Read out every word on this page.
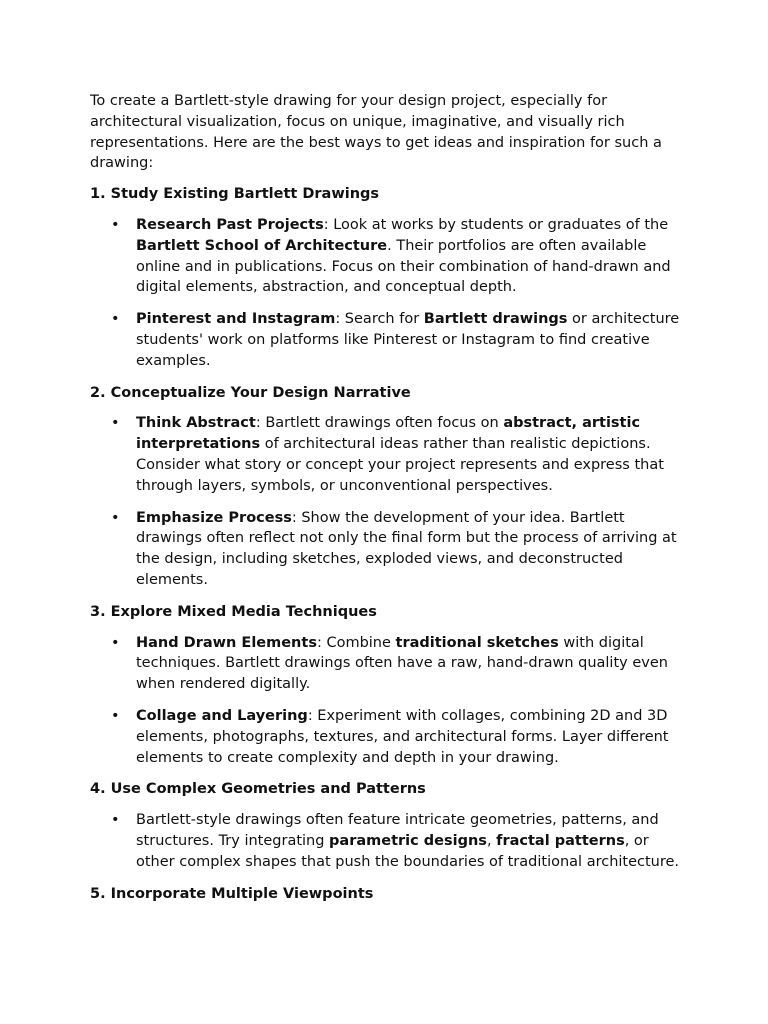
To create a Bartlett-style drawing for your design project, especially for architectural visualization, focus on unique, imaginative, and visually rich representations. Here are the best ways to get ideas and inspiration for such a drawing:

1. Study Existing Bartlett Drawings

• Research Past Projects: Look at works by students or graduates of the Bartlett School of Architecture. Their portfolios are often available online and in publications. Focus on their combination of hand-drawn and digital elements, abstraction, and conceptual depth.
• Pinterest and Instagram: Search for Bartlett drawings or architecture students' work on platforms like Pinterest or Instagram to find creative examples.

2. Conceptualize Your Design Narrative

• Think Abstract: Bartlett drawings often focus on abstract, artistic interpretations of architectural ideas rather than realistic depictions. Consider what story or concept your project represents and express that through layers, symbols, or unconventional perspectives.
• Emphasize Process: Show the development of your idea. Bartlett drawings often reflect not only the final form but the process of arriving at the design, including sketches, exploded views, and deconstructed elements.

3. Explore Mixed Media Techniques

• Hand Drawn Elements: Combine traditional sketches with digital techniques. Bartlett drawings often have a raw, hand-drawn quality even when rendered digitally.
• Collage and Layering: Experiment with collages, combining 2D and 3D elements, photographs, textures, and architectural forms. Layer different elements to create complexity and depth in your drawing.

4. Use Complex Geometries and Patterns

• Bartlett-style drawings often feature intricate geometries, patterns, and structures. Try integrating parametric designs, fractal patterns, or other complex shapes that push the boundaries of traditional architecture.

5. Incorporate Multiple Viewpoints
